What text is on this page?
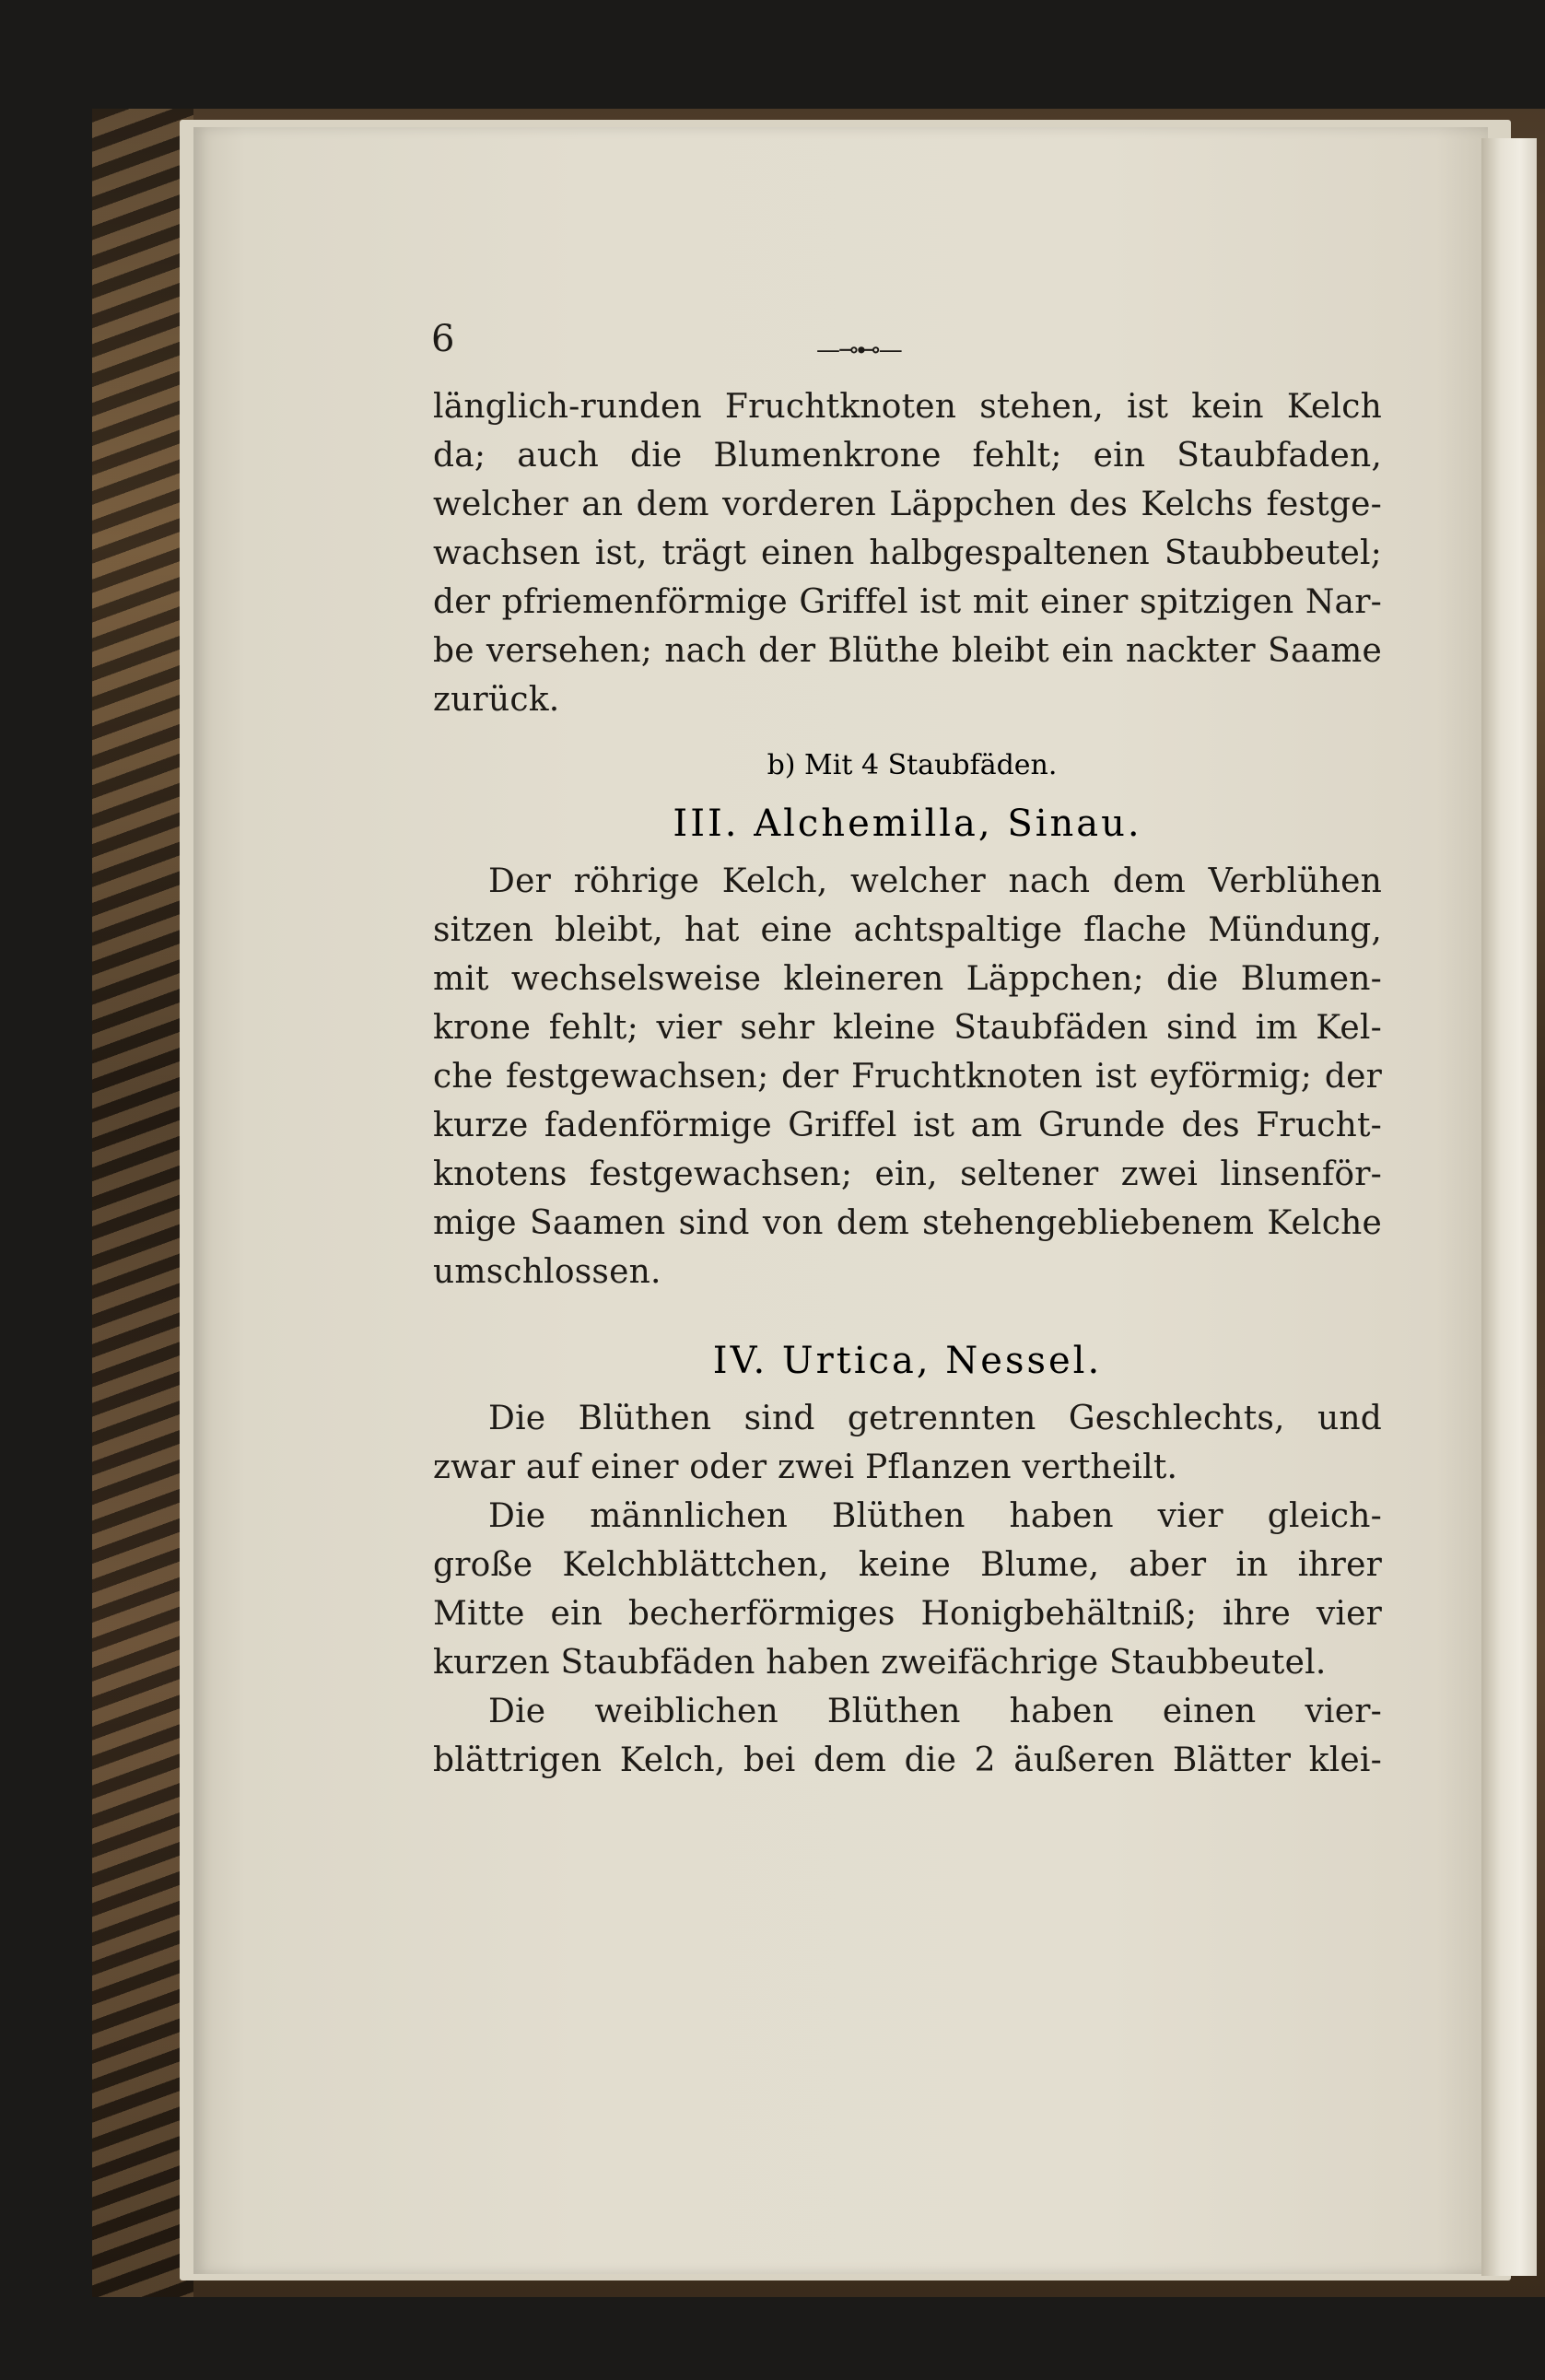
6	—⊸⊷—
länglich-runden Fruchtknoten stehen, ist kein Kelch
da; auch die Blumenkrone fehlt; ein Staubfaden,
welcher an dem vorderen Läppchen des Kelchs festge-
wachsen ist, trägt einen halbgespaltenen Staubbeutel;
der pfriemenförmige Griffel ist mit einer spitzigen Nar-
be versehen; nach der Blüthe bleibt ein nackter Saame
zurück.
b) Mit 4 Staubfäden.
III. Alchemilla, Sinau.
Der röhrige Kelch, welcher nach dem Verblühen
sitzen bleibt, hat eine achtspaltige flache Mündung,
mit wechselsweise kleineren Läppchen; die Blumen-
krone fehlt; vier sehr kleine Staubfäden sind im Kel-
che festgewachsen; der Fruchtknoten ist eyförmig; der
kurze fadenförmige Griffel ist am Grunde des Frucht-
knotens festgewachsen; ein, seltener zwei linsenför-
mige Saamen sind von dem stehengebliebenem Kelche
umschlossen.
IV. Urtica, Nessel.
Die Blüthen sind getrennten Geschlechts, und
zwar auf einer oder zwei Pflanzen vertheilt.
Die männlichen Blüthen haben vier gleich-
große Kelchblättchen, keine Blume, aber in ihrer
Mitte ein becherförmiges Honigbehältniß; ihre vier
kurzen Staubfäden haben zweifächrige Staubbeutel.
Die weiblichen Blüthen haben einen vier-
blättrigen Kelch, bei dem die 2 äußeren Blätter klei-
